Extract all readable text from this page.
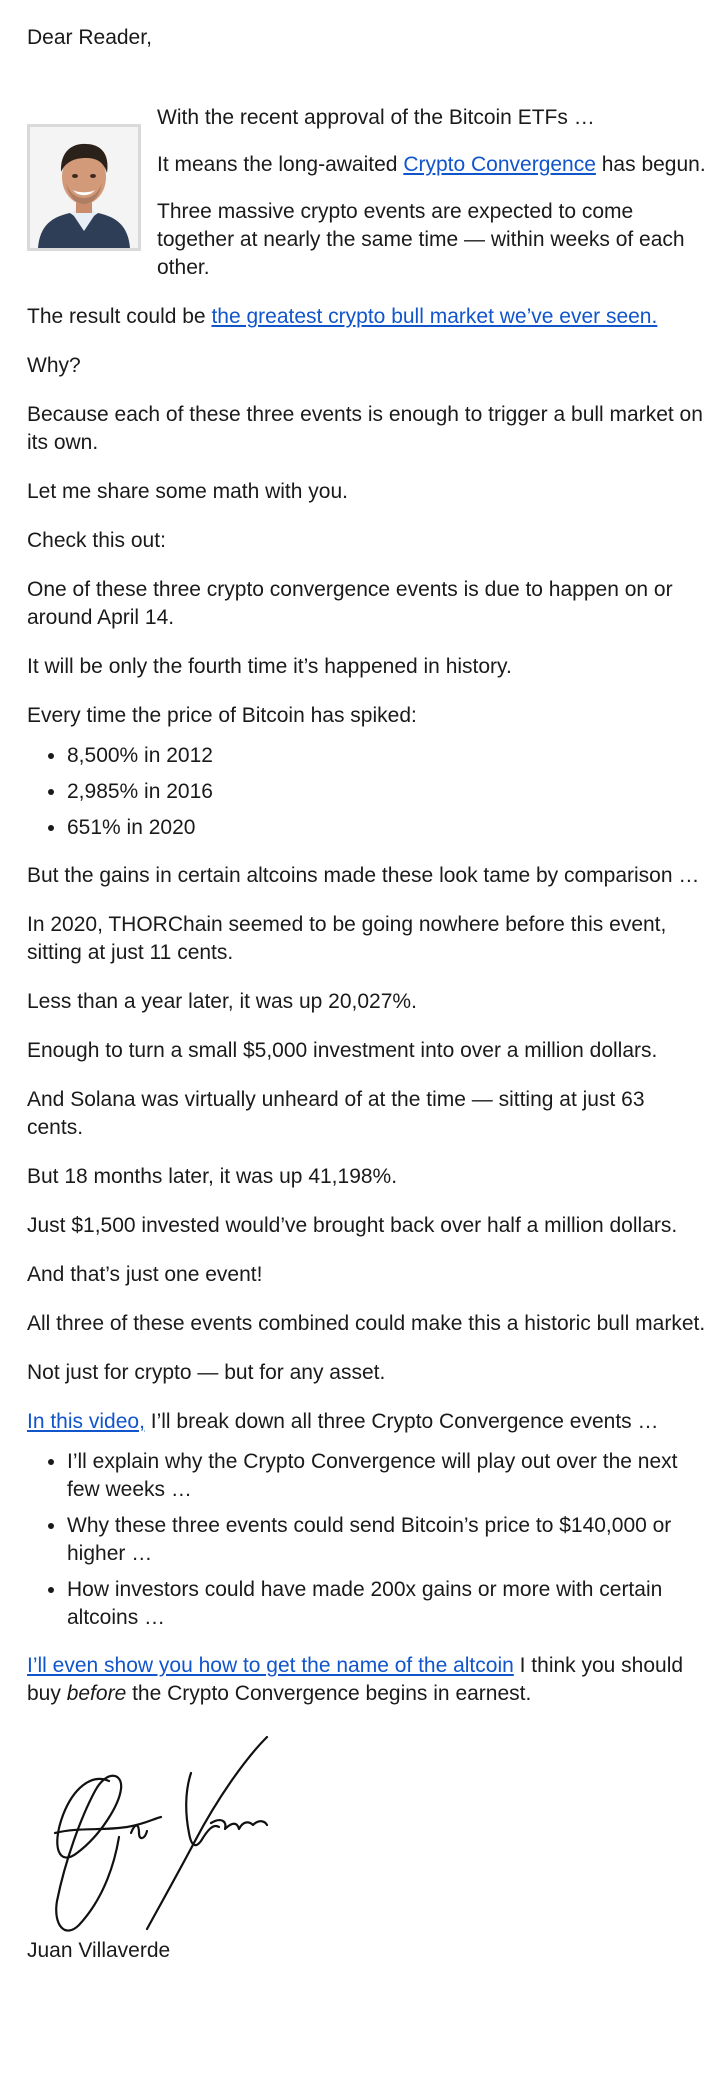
Dear Reader,

With the recent approval of the Bitcoin ETFs …

It means the long-awaited Crypto Convergence has begun.

Three massive crypto events are expected to come together at nearly the same time — within weeks of each other.

The result could be the greatest crypto bull market we’ve ever seen.

Why?

Because each of these three events is enough to trigger a bull market on its own.

Let me share some math with you.

Check this out:

One of these three crypto convergence events is due to happen on or around April 14.

It will be only the fourth time it’s happened in history.

Every time the price of Bitcoin has spiked:

• 8,500% in 2012
• 2,985% in 2016
• 651% in 2020

But the gains in certain altcoins made these look tame by comparison …

In 2020, THORChain seemed to be going nowhere before this event, sitting at just 11 cents.

Less than a year later, it was up 20,027%.

Enough to turn a small $5,000 investment into over a million dollars.

And Solana was virtually unheard of at the time — sitting at just 63 cents.

But 18 months later, it was up 41,198%.

Just $1,500 invested would’ve brought back over half a million dollars.

And that’s just one event!

All three of these events combined could make this a historic bull market.

Not just for crypto — but for any asset.

In this video, I’ll break down all three Crypto Convergence events …

• I’ll explain why the Crypto Convergence will play out over the next few weeks …
• Why these three events could send Bitcoin’s price to $140,000 or higher …
• How investors could have made 200x gains or more with certain altcoins …

I’ll even show you how to get the name of the altcoin I think you should buy before the Crypto Convergence begins in earnest.

Juan Villaverde
